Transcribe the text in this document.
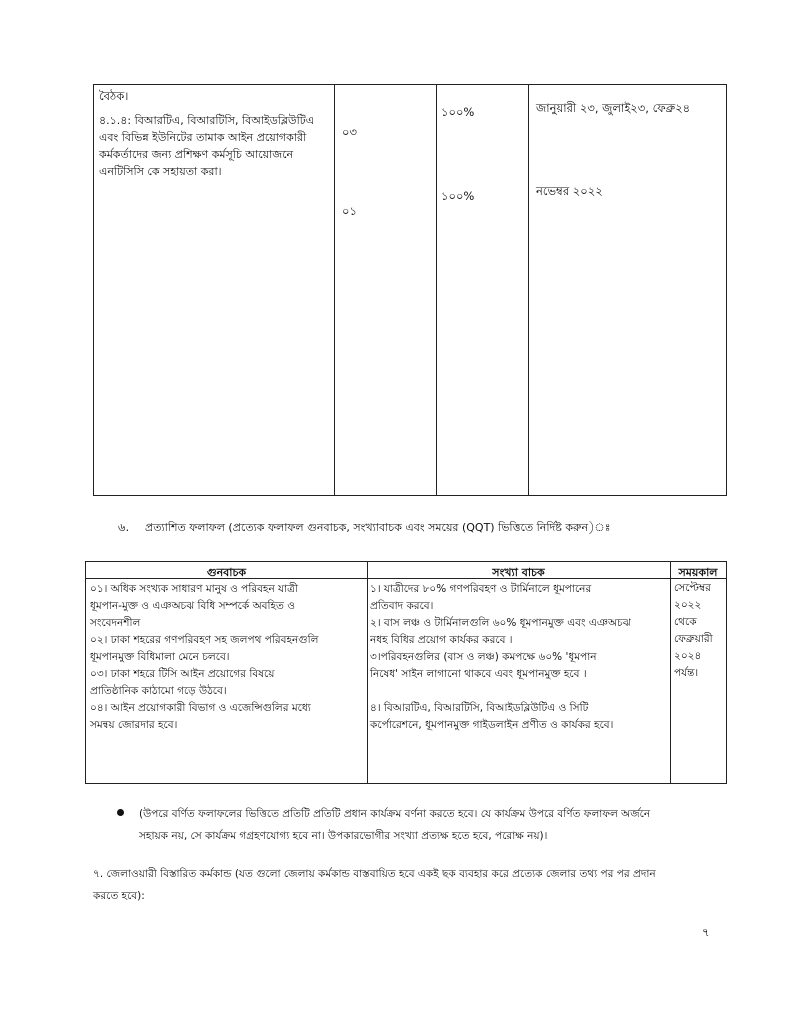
বৈঠক।
৪.১.৪: বিআরটিএ, বিআরটিসি, বিআইডব্লিউটিএ
এবং বিভিন্ন ইউনিটের তামাক আইন প্রয়োগকারী
কর্মকর্তাদের জন্য প্রশিক্ষণ কর্মসূচি আয়োজনে
এনটিসিসি কে সহায়তা করা।
০৩
০১
১০০%
১০০%
জানুয়ারী ২৩, জুলাই২৩, ফেব্রু২৪
নভেম্বর ২০২২
৬. প্রত্যাশিত ফলাফল (প্রত্যেক ফলাফল গুনবাচক, সংখ্যাবাচক এবং সময়ের (QQT) ভিত্তিতে নির্দিষ্ট করুন)ঃ
গুনবাচক	সংখ্যা বাচক	সময়কাল
০১। অধিক সংখ্যক সাধারণ মানুষ ও পরিবহন যাত্রী
ধূমপান-মুক্ত ও এঞঅচঝ বিধি সম্পর্কে অবহিত ও
সংবেদনশীল
০২। ঢাকা শহরের গণপরিবহণ সহ জলপথ পরিবহনগুলি
ধূমপানমুক্ত বিধিমালা মেনে চলবে।
০৩। ঢাকা শহরে টিসি আইন প্রয়োগের বিষয়ে
প্রাতিষ্ঠানিক কাঠামো গড়ে উঠবে।
০৪। আইন প্রয়োগকারী বিভাগ ও এজেন্সিগুলির মধ্যে
সমন্বয় জোরদার হবে।
১। যাত্রীদের ৮০% গণপরিবহণ ও টার্মিনালে ধূমপানের
প্রতিবাদ করবে।
২। বাস লঞ্চ ও টার্মিনালগুলি ৬০% ধূমপানমুক্ত এবং এঞঅচঝ
নধহ বিধির প্রয়োগ কার্যকর করবে ।
৩।পরিবহনগুলির (বাস ও লঞ্চ) কমপক্ষে ৬০% 'ধূমপান
নিষেধ' সাইন লাগানো থাকবে এবং ধূমপানমুক্ত হবে ।

৪। বিআরটিএ, বিআরটিসি, বিআইডব্লিউটিএ ও সিটি
কর্পোরেশনে, ধূমপানমুক্ত গাইডলাইন প্রণীত ও কার্যকর হবে।
সেপ্টেম্বর
২০২২ থেকে
ফেব্রুয়ারী
২০২৪ পর্যন্ত।
(উপরে বর্ণিত ফলাফলের ভিত্তিতে প্রতিটি প্রতিটি প্রধান কার্যক্রম বর্ণনা করতে হবে। যে কার্যক্রম উপরে বর্ণিত ফলাফল অর্জনে
সহায়ক নয়, সে কার্যক্রম গগ্রহণযোগ্য হবে না। উপকারভোগীর সংখ্যা প্রত্যক্ষ হতে হবে, পরোক্ষ নয়)।
৭. জেলাওয়ারী বিস্তারিত কর্মকান্ড (যত গুলো জেলায় কর্মকান্ড বাস্তবায়িত হবে একই ছক ব্যবহার করে প্রত্যেক জেলার তথ্য পর পর প্রদান
করতে হবে):
৭
